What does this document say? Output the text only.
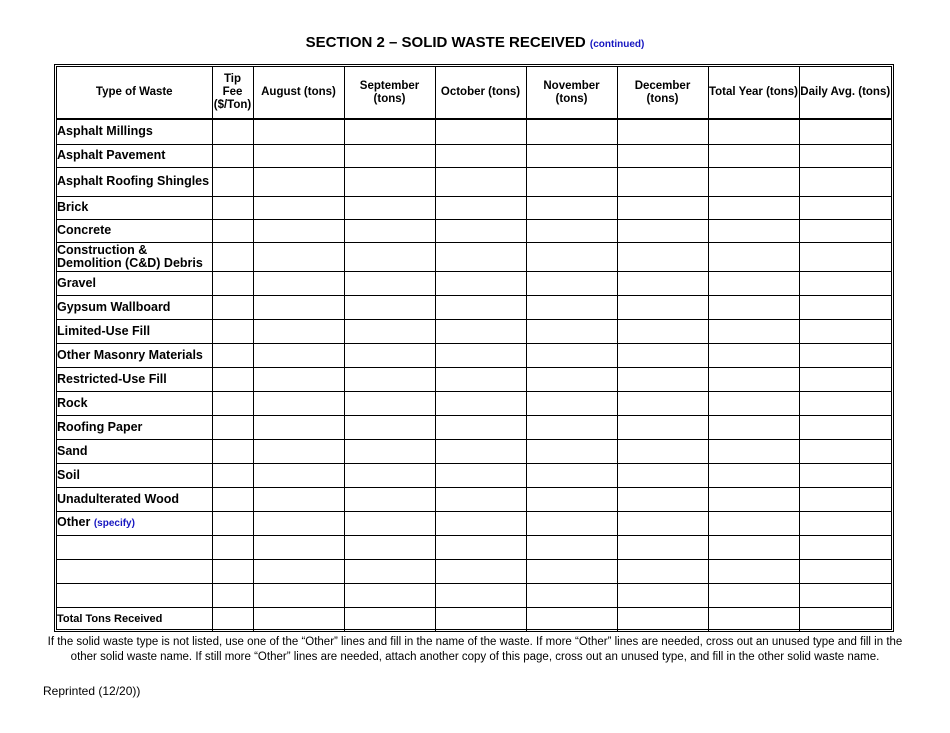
SECTION 2 – SOLID WASTE RECEIVED (continued)
Type of Waste	Tip Fee ($/Ton)	August (tons)	September (tons)	October (tons)	November (tons)	December (tons)	Total Year (tons)	Daily Avg. (tons)
Asphalt Millings								
Asphalt Pavement								
Asphalt Roofing Shingles								
Brick								
Concrete								
Construction & Demolition (C&D) Debris								
Gravel								
Gypsum Wallboard								
Limited-Use Fill								
Other Masonry Materials								
Restricted-Use Fill								
Rock								
Roofing Paper								
Sand								
Soil								
Unadulterated Wood								
Other (specify)								

Total Tons Received								
If the solid waste type is not listed, use one of the “Other” lines and fill in the name of the waste. If more “Other” lines are needed, cross out an unused type and fill in the other solid waste name. If still more “Other” lines are needed, attach another copy of this page, cross out an unused type, and fill in the other solid waste name.
Reprinted (12/20))
